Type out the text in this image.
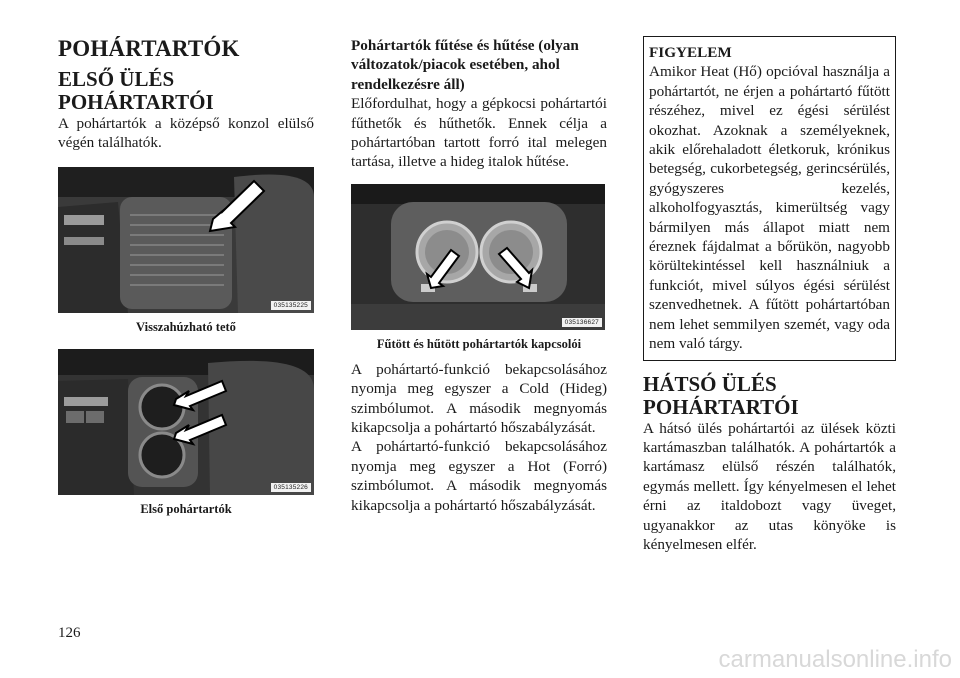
POHÁRTARTÓK
ELSŐ ÜLÉS
POHÁRTARTÓI

A pohártartók a középső konzol elülső végén találhatók.

035135225
Visszahúzható tető
035135226
Első pohártartók

Pohártartók fűtése és hűtése (olyan
változatok/piacok esetében, ahol
rendelkezésre áll)

Előfordulhat, hogy a gépkocsi pohártartói fűthetők és hűthetők. Ennek célja a pohártartóban tartott forró ital melegen tartása, illetve a hideg italok hűtése.

035136627
Fűtött és hűtött pohártartók kapcsolói

A pohártartó-funkció bekapcsolásához nyomja meg egyszer a Cold (Hideg) szimbólumot. A második megnyomás kikapcsolja a pohártartó hőszabályzását.

A pohártartó-funkció bekapcsolásához nyomja meg egyszer a Hot (Forró) szimbólumot. A második megnyomás kikapcsolja a pohártartó hőszabályzását.

FIGYELEM

Amikor Heat (Hő) opcióval használja a pohártartót, ne érjen a pohártartó fűtött részéhez, mivel ez égési sérülést okozhat. Azoknak a személyeknek, akik előrehaladott életkoruk, krónikus betegség, cukorbetegség, gerincsérülés, gyógyszeres kezelés, alkoholfogyasztás, kimerültség vagy bármilyen más állapot miatt nem éreznek fájdalmat a bőrükön, nagyobb körültekintéssel kell használniuk a funkciót, mivel súlyos égési sérülést szenvedhetnek. A fűtött pohártartóban nem lehet semmilyen szemét, vagy oda nem való tárgy.

HÁTSÓ ÜLÉS
POHÁRTARTÓI

A hátsó ülés pohártartói az ülések közti kartámaszban találhatók. A pohártartók a kartámasz elülső részén találhatók, egymás mellett. Így kényelmesen el lehet érni az italdobozt vagy üveget, ugyanakkor az utas könyöke is kényelmesen elfér.

126
carmanualsonline.info
